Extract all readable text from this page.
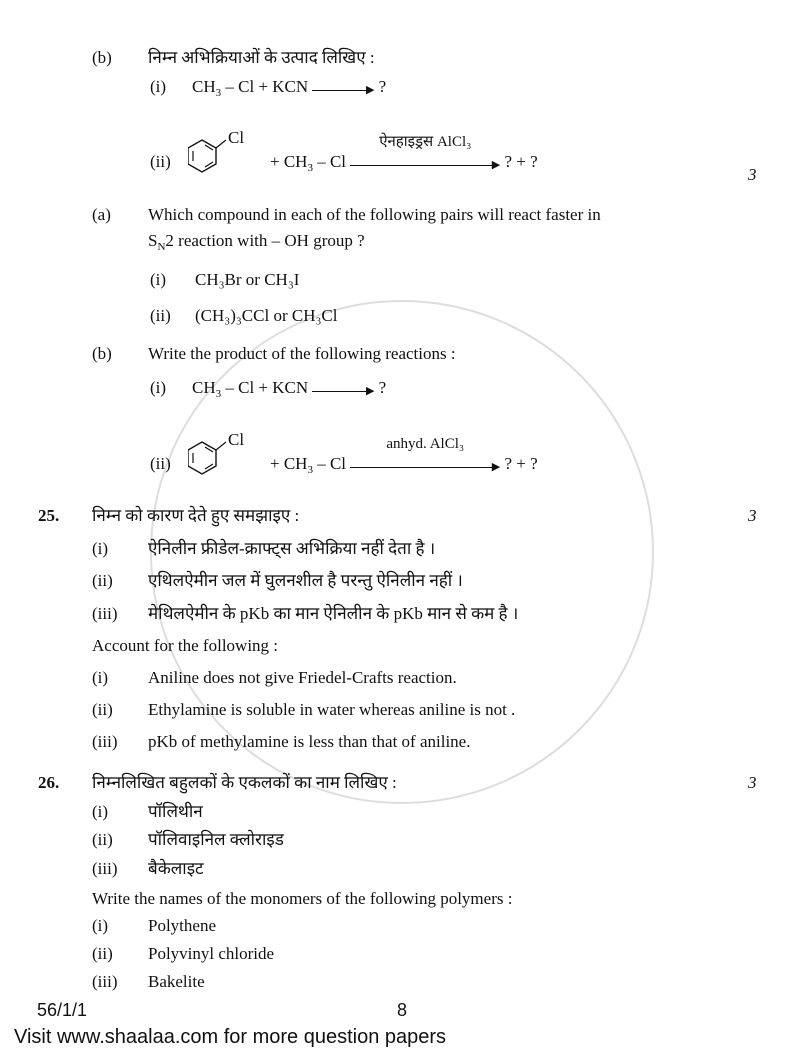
(b) निम्न अभिक्रियाओं के उत्पाद लिखिए :
(i) $CH_3$ – Cl + KCN	▶ ?
(ii)
Cl
+ $CH_3$ – Cl
ऐनहाइड्रस AlCl₃
▶ ? + ?
3
(a) Which compound in each of the following pairs will react faster in
$S_N2$ reaction with – OH group ?
(i) CH₃Br or CH₃I
(ii) (CH₃)₃CCl or CH₃Cl
(b) Write the product of the following reactions :
(i) $CH_3$ – Cl + KCN	▶ ?
(ii)
Cl
+ $CH_3$ – Cl
anhyd. AlCl₃
▶ ? + ?
25. निम्न को कारण देते हुए समझाइए :	3
(i) ऐनिलीन फ्रीडेल-क्राफ्ट्स अभिक्रिया नहीं देता है ।
(ii) एथिलऐमीन जल में घुलनशील है परन्तु ऐनिलीन नहीं ।
(iii) मेथिलऐमीन के pKb का मान ऐनिलीन के pKb मान से कम है ।
Account for the following :
(i) Aniline does not give Friedel-Crafts reaction.
(ii) Ethylamine is soluble in water whereas aniline is not .
(iii) pKb of methylamine is less than that of aniline.
26. निम्नलिखित बहुलकों के एकलकों का नाम लिखिए :	3
(i) पॉलिथीन
(ii) पॉलिवाइनिल क्लोराइड
(iii) बैकेलाइट
Write the names of the monomers of the following polymers :
(i) Polythene
(ii) Polyvinyl chloride
(iii) Bakelite
56/1/1	8
Visit www.shaalaa.com for more question papers
